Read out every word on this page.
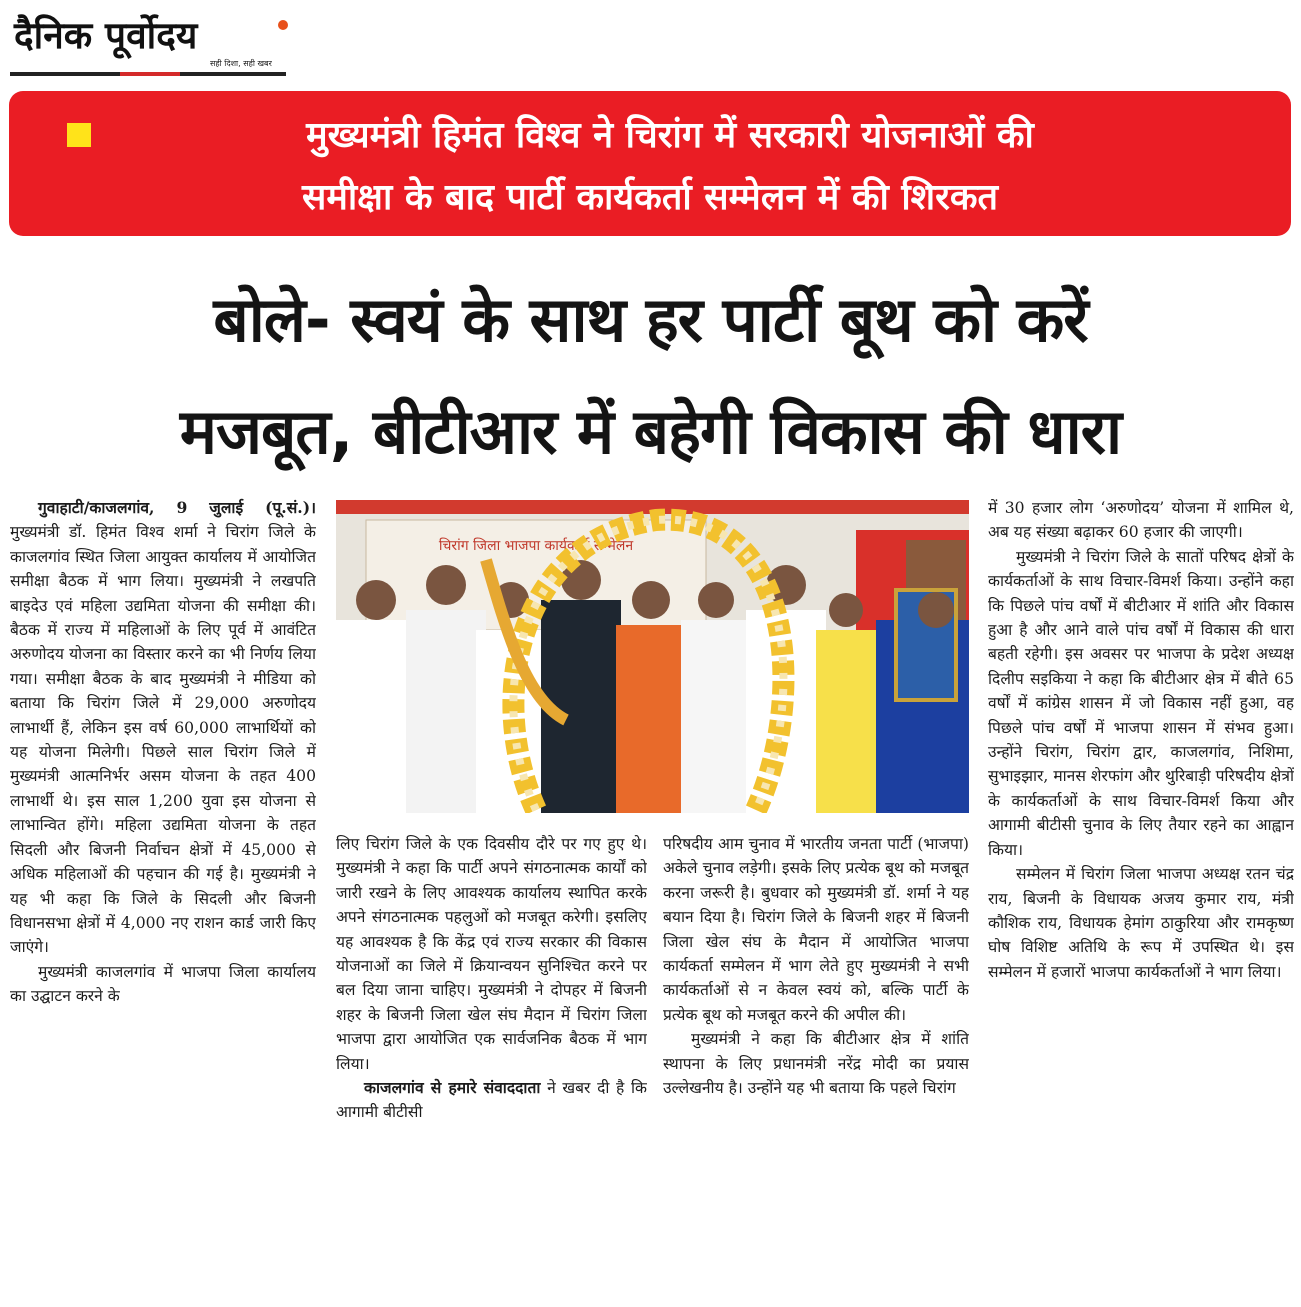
दैनिक पूर्वोदय
सही दिशा, सही खबर
मुख्यमंत्री हिमंत विश्व ने चिरांग में सरकारी योजनाओं की
समीक्षा के बाद पार्टी कार्यकर्ता सम्मेलन में की शिरकत
बोले- स्वयं के साथ हर पार्टी बूथ को करें
मजबूत, बीटीआर में बहेगी विकास की धारा

गुवाहाटी/काजलगांव, 9 जुलाई (पू.सं.)। मुख्यमंत्री डॉ. हिमंत विश्व शर्मा ने चिरांग जिले के काजलगांव स्थित जिला आयुक्त कार्यालय में आयोजित समीक्षा बैठक में भाग लिया। मुख्यमंत्री ने लखपति बाइदेउ एवं महिला उद्यमिता योजना की समीक्षा की। बैठक में राज्य में महिलाओं के लिए पूर्व में आवंटित अरुणोदय योजना का विस्तार करने का भी निर्णय लिया गया। समीक्षा बैठक के बाद मुख्यमंत्री ने मीडिया को बताया कि चिरांग जिले में 29,000 अरुणोदय लाभार्थी हैं, लेकिन इस वर्ष 60,000 लाभार्थियों को यह योजना मिलेगी। पिछले साल चिरांग जिले में मुख्यमंत्री आत्मनिर्भर असम योजना के तहत 400 लाभार्थी थे। इस साल 1,200 युवा इस योजना से लाभान्वित होंगे। महिला उद्यमिता योजना के तहत सिदली और बिजनी निर्वाचन क्षेत्रों में 45,000 से अधिक महिलाओं की पहचान की गई है। मुख्यमंत्री ने यह भी कहा कि जिले के सिदली और बिजनी विधानसभा क्षेत्रों में 4,000 नए राशन कार्ड जारी किए जाएंगे।

मुख्यमंत्री काजलगांव में भाजपा जिला कार्यालय का उद्घाटन करने के

चिरांग जिला भाजपा कार्यकर्ता सम्मेलन

लिए चिरांग जिले के एक दिवसीय दौरे पर गए हुए थे। मुख्यमंत्री ने कहा कि पार्टी अपने संगठनात्मक कार्यों को जारी रखने के लिए आवश्यक कार्यालय स्थापित करके अपने संगठनात्मक पहलुओं को मजबूत करेगी। इसलिए यह आवश्यक है कि केंद्र एवं राज्य सरकार की विकास योजनाओं का जिले में क्रियान्वयन सुनिश्चित करने पर बल दिया जाना चाहिए। मुख्यमंत्री ने दोपहर में बिजनी शहर के बिजनी जिला खेल संघ मैदान में चिरांग जिला भाजपा द्वारा आयोजित एक सार्वजनिक बैठक में भाग लिया।

काजलगांव से हमारे संवाददाता ने खबर दी है कि आगामी बीटीसी

परिषदीय आम चुनाव में भारतीय जनता पार्टी (भाजपा) अकेले चुनाव लड़ेगी। इसके लिए प्रत्येक बूथ को मजबूत करना जरूरी है। बुधवार को मुख्यमंत्री डॉ. शर्मा ने यह बयान दिया है। चिरांग जिले के बिजनी शहर में बिजनी जिला खेल संघ के मैदान में आयोजित भाजपा कार्यकर्ता सम्मेलन में भाग लेते हुए मुख्यमंत्री ने सभी कार्यकर्ताओं से न केवल स्वयं को, बल्कि पार्टी के प्रत्येक बूथ को मजबूत करने की अपील की।

मुख्यमंत्री ने कहा कि बीटीआर क्षेत्र में शांति स्थापना के लिए प्रधानमंत्री नरेंद्र मोदी का प्रयास उल्लेखनीय है। उन्होंने यह भी बताया कि पहले चिरांग

में 30 हजार लोग ‘अरुणोदय’ योजना में शामिल थे, अब यह संख्या बढ़ाकर 60 हजार की जाएगी।

मुख्यमंत्री ने चिरांग जिले के सातों परिषद क्षेत्रों के कार्यकर्ताओं के साथ विचार-विमर्श किया। उन्होंने कहा कि पिछले पांच वर्षों में बीटीआर में शांति और विकास हुआ है और आने वाले पांच वर्षों में विकास की धारा बहती रहेगी। इस अवसर पर भाजपा के प्रदेश अध्यक्ष दिलीप सइकिया ने कहा कि बीटीआर क्षेत्र में बीते 65 वर्षों में कांग्रेस शासन में जो विकास नहीं हुआ, वह पिछले पांच वर्षों में भाजपा शासन में संभव हुआ। उन्होंने चिरांग, चिरांग द्वार, काजलगांव, निशिमा, सुभाइझार, मानस शेरफांग और थुरिबाड़ी परिषदीय क्षेत्रों के कार्यकर्ताओं के साथ विचार-विमर्श किया और आगामी बीटीसी चुनाव के लिए तैयार रहने का आह्वान किया।

सम्मेलन में चिरांग जिला भाजपा अध्यक्ष रतन चंद्र राय, बिजनी के विधायक अजय कुमार राय, मंत्री कौशिक राय, विधायक हेमांग ठाकुरिया और रामकृष्ण घोष विशिष्ट अतिथि के रूप में उपस्थित थे। इस सम्मेलन में हजारों भाजपा कार्यकर्ताओं ने भाग लिया।
